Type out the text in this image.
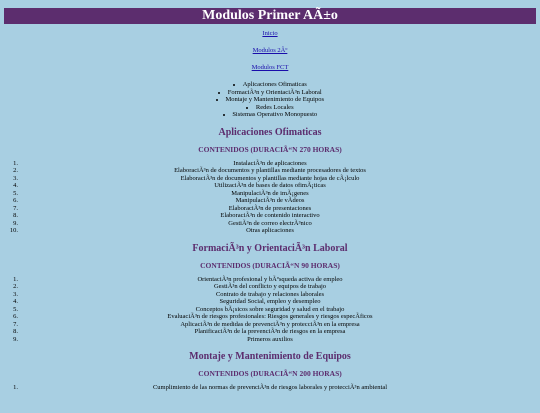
Modulos Primer AÃ±o
Inicio
Modulos 2Âº
Modulos FCT
• Aplicaciones Ofimaticas
• FormaciÃ³n y OrientaciÃ³n Laboral
• Montaje y Mantenimiento de Equipos
• Redes Locales
• Sistemas Operativo Monopuesto
Aplicaciones Ofimaticas
CONTENIDOS (DURACIÃ“N 270 HORAS)
1.	InstalaciÃ³n de aplicaciones
2.	ElaboraciÃ³n de documentos y plantillas mediante procesadores de textos
3.	ElaboraciÃ³n de documentos y plantillas mediante hojas de cÃ¡lculo
4.	UtilizaciÃ³n de bases de datos ofimÃ¡ticas
5.	ManipulaciÃ³n de imÃ¡genes
6.	ManipulaciÃ³n de vÃdeos
7.	ElaboraciÃ³n de presentaciones
8.	ElaboraciÃ³n de contenido interactivo
9.	GestiÃ³n de correo electrÃ³nico
10.	Otras aplicaciones
FormaciÃ³n y OrientaciÃ³n Laboral
CONTENIDOS (DURACIÃ“N 90 HORAS)
1.	OrientaciÃ³n profesional y bÃºsqueda activa de empleo
2.	GestiÃ³n del conflicto y equipos de trabajo
3.	Contrato de trabajo y relaciones laborales
4.	Seguridad Social, empleo y desempleo
5.	Conceptos bÃ¡sicos sobre seguridad y salud en el trabajo
6.	EvaluaciÃ³n de riesgos profesionales: Riesgos generales y riesgos especÃficos
7.	AplicaciÃ³n de medidas de prevenciÃ³n y protecciÃ³n en la empresa
8.	PlanificaciÃ³n de la prevenciÃ³n de riesgos en la empresa
9.	Primeros auxilios
Montaje y Mantenimiento de Equipos
CONTENIDOS (DURACIÃ“N 200 HORAS)
1.	Cumplimiento de las normas de prevenciÃ³n de riesgos laborales y protecciÃ³n ambiental
